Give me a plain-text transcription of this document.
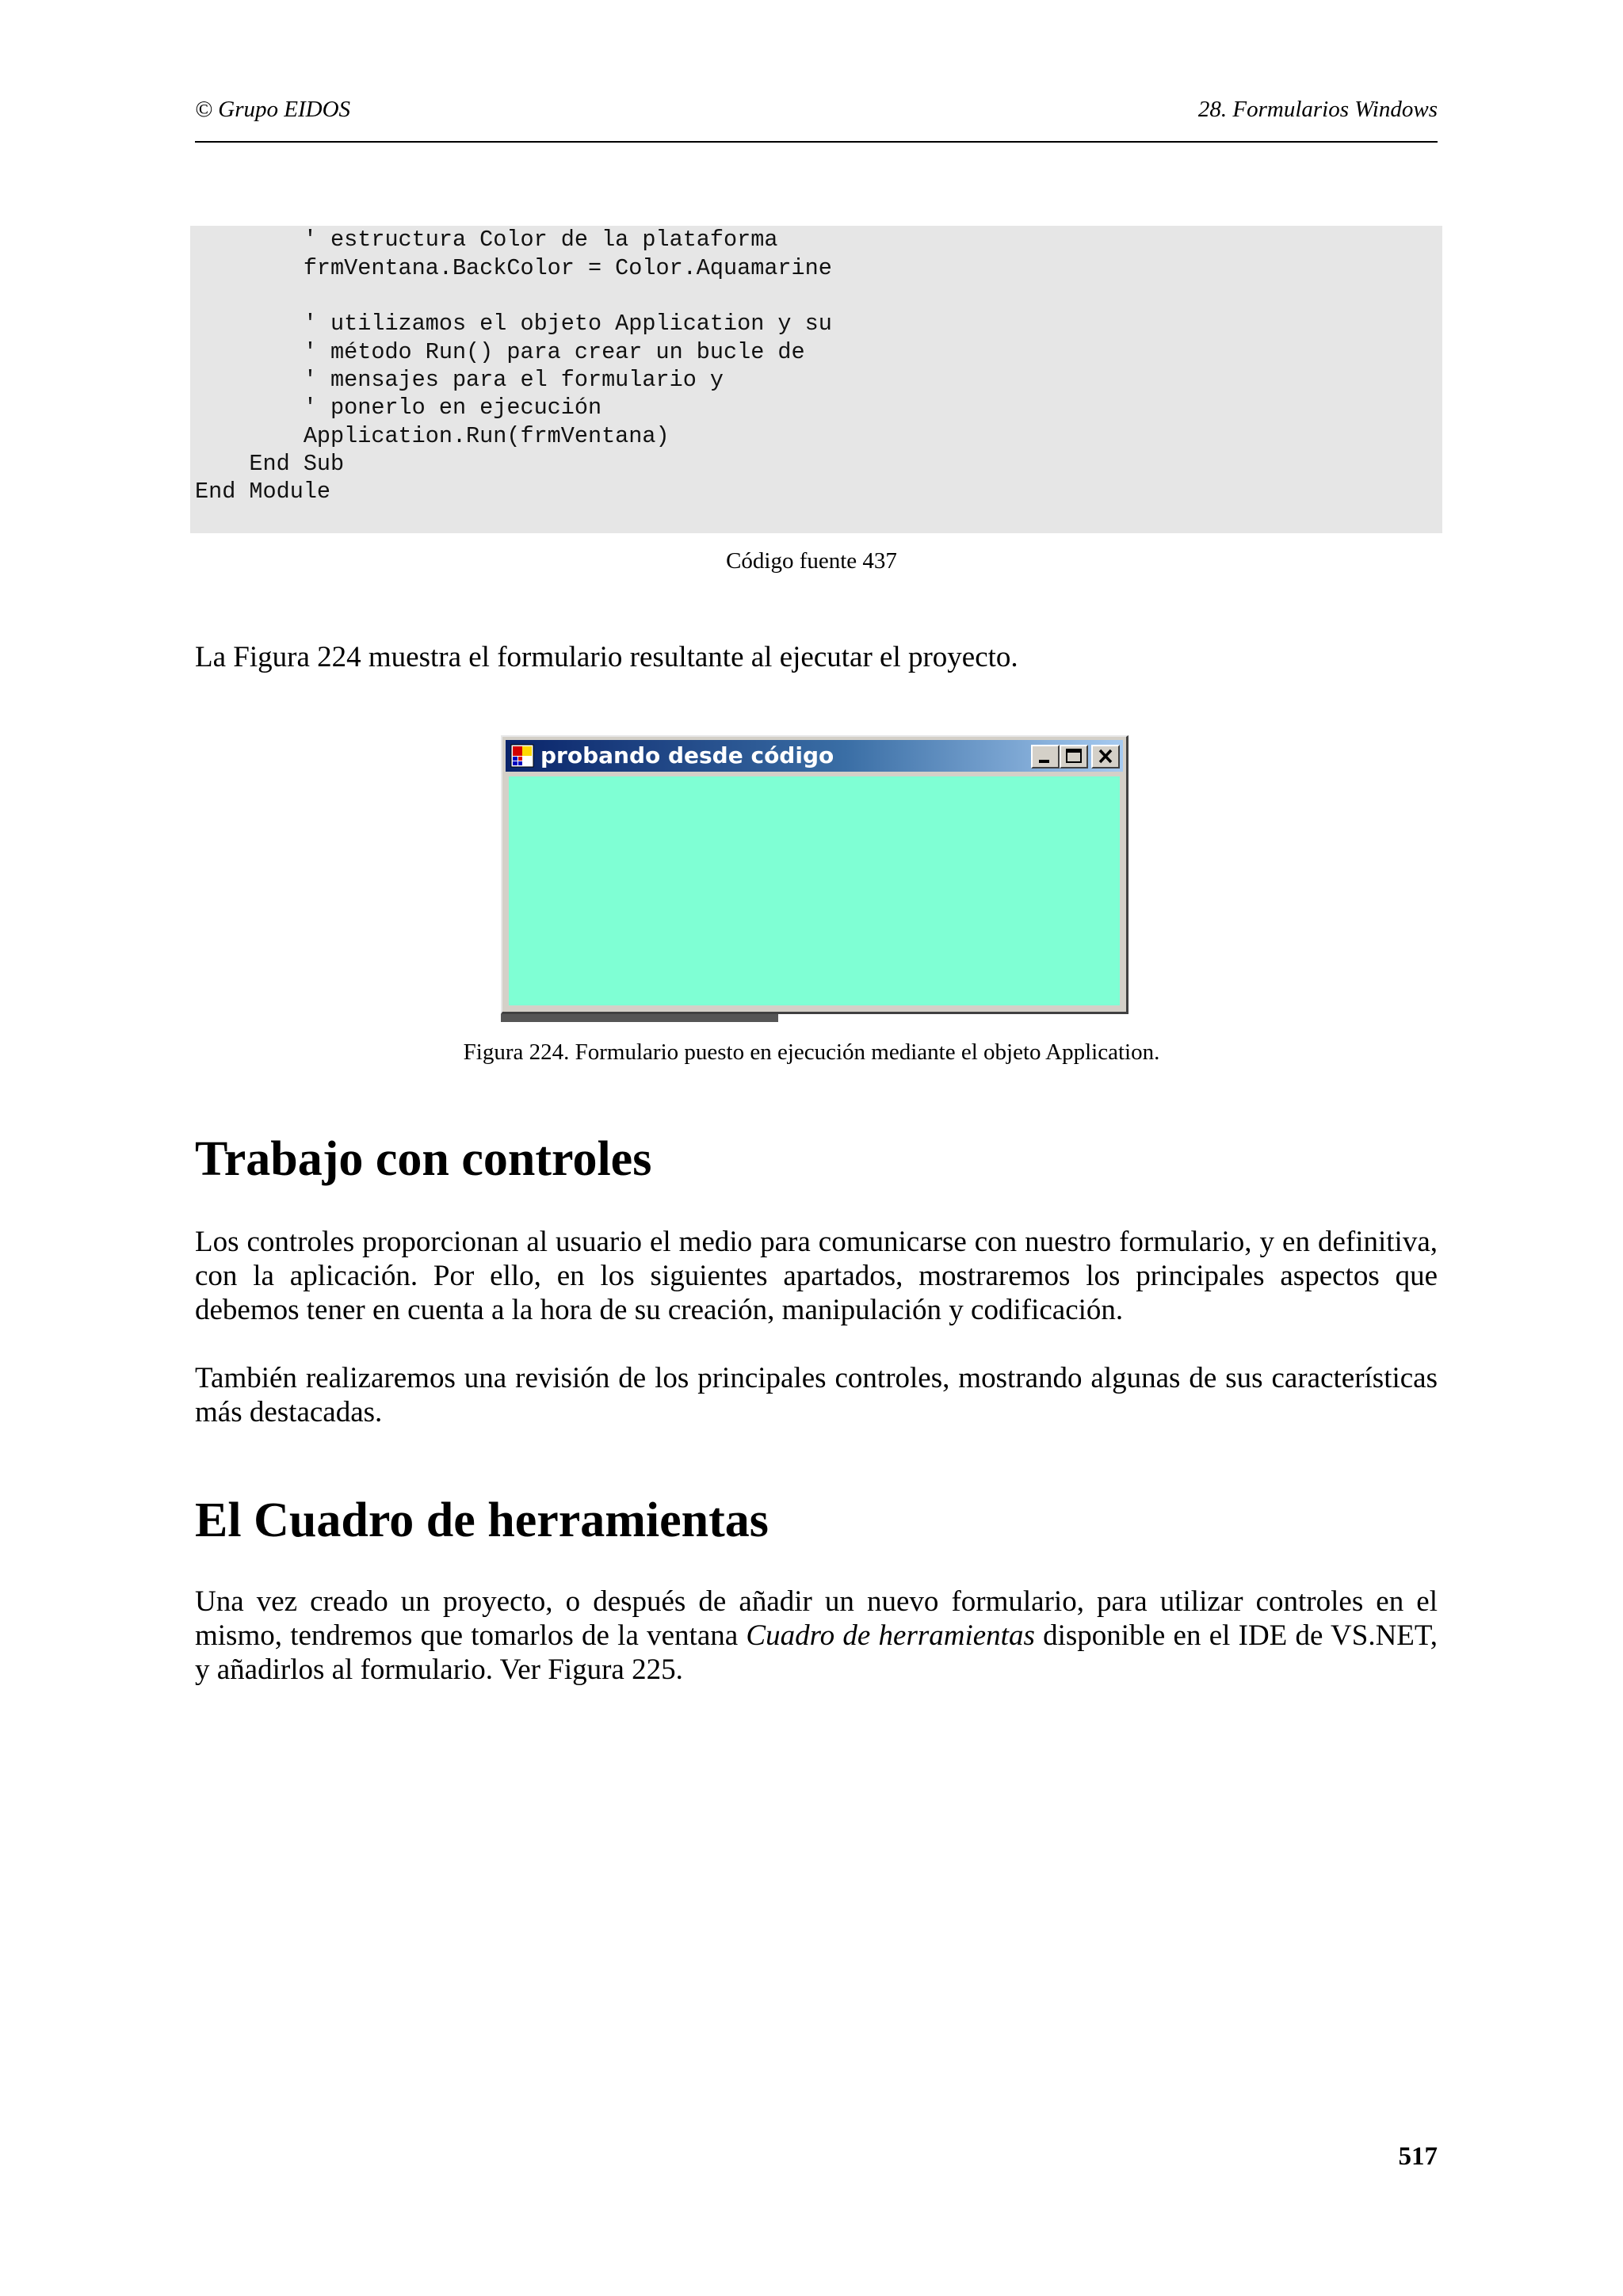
© Grupo EIDOS	28. Formularios Windows
' estructura Color de la plataforma
frmVentana.BackColor = Color.Aquamarine
' utilizamos el objeto Application y su
' método Run() para crear un bucle de
' mensajes para el formulario y
' ponerlo en ejecución
Application.Run(frmVentana)
End Sub
End Module
Código fuente 437
La Figura 224 muestra el formulario resultante al ejecutar el proyecto.
probando desde código
Figura 224. Formulario puesto en ejecución mediante el objeto Application.
Trabajo con controles
Los controles proporcionan al usuario el medio para comunicarse con nuestro formulario, y en definitiva, con la aplicación. Por ello, en los siguientes apartados, mostraremos los principales aspectos que debemos tener en cuenta a la hora de su creación, manipulación y codificación.
También realizaremos una revisión de los principales controles, mostrando algunas de sus características más destacadas.
El Cuadro de herramientas
Una vez creado un proyecto, o después de añadir un nuevo formulario, para utilizar controles en el mismo, tendremos que tomarlos de la ventana Cuadro de herramientas disponible en el IDE de VS.NET, y añadirlos al formulario. Ver Figura 225.
517
